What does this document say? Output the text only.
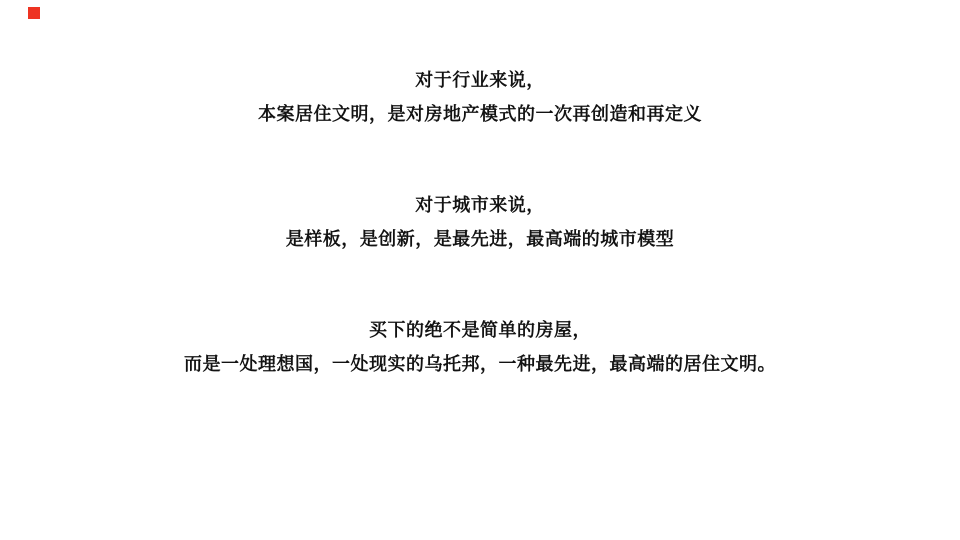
对于行业来说，
本案居住文明，是对房地产模式的一次再创造和再定义
对于城市来说，
是样板，是创新，是最先进，最高端的城市模型
买下的绝不是简单的房屋，
而是一处理想国，一处现实的乌托邦，一种最先进，最高端的居住文明。
